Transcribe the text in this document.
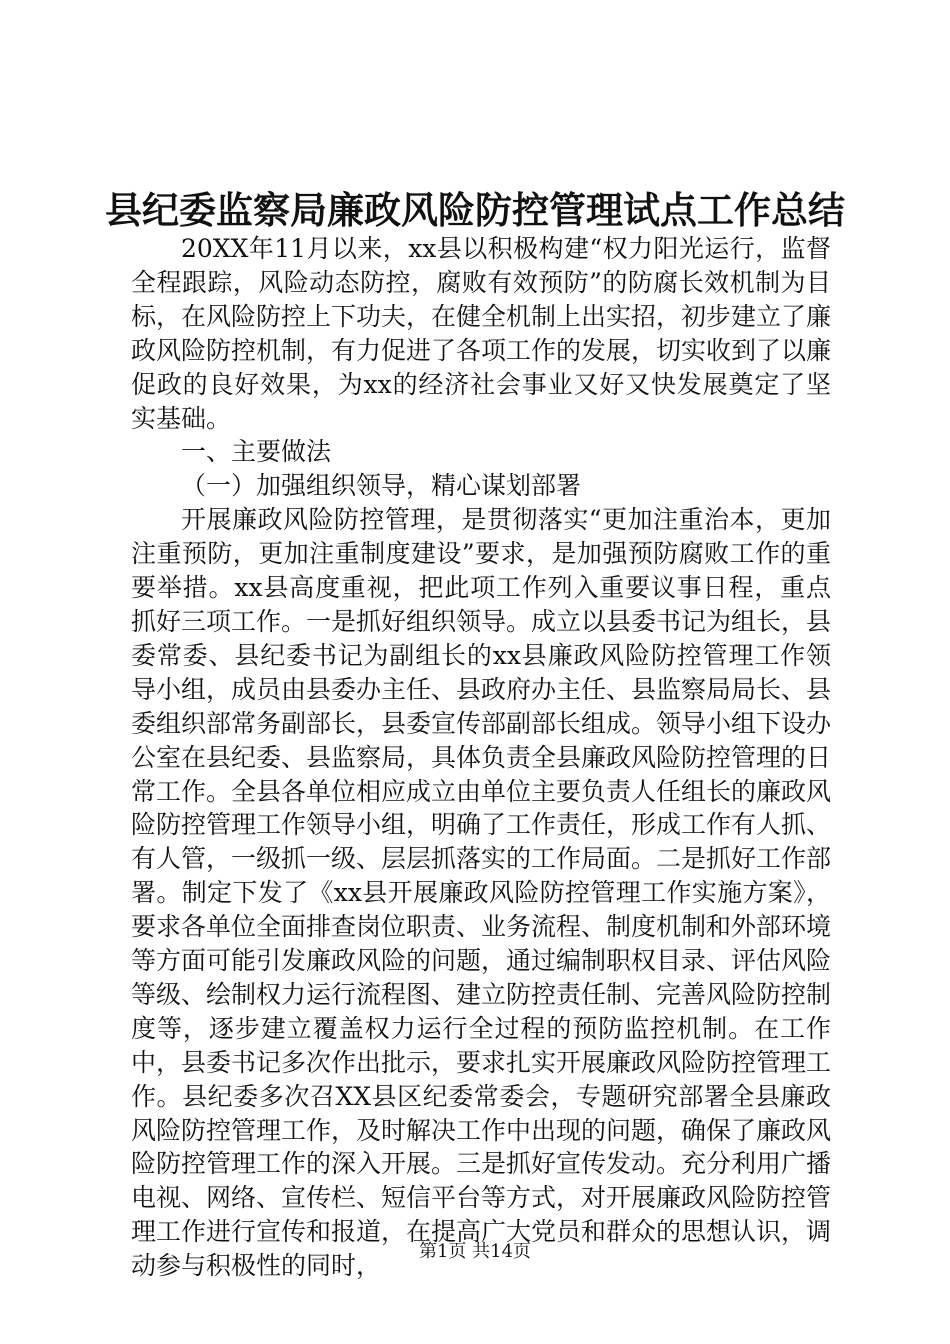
县纪委监察局廉政风险防控管理试点工作总结

20XX年11月以来，xx县以积极构建“权力阳光运行，监督全程跟踪，风险动态防控，腐败有效预防”的防腐长效机制为目标，在风险防控上下功夫，在健全机制上出实招，初步建立了廉政风险防控机制，有力促进了各项工作的发展，切实收到了以廉促政的良好效果，为xx的经济社会事业又好又快发展奠定了坚实基础。

一、主要做法

（一）加强组织领导，精心谋划部署

开展廉政风险防控管理，是贯彻落实“更加注重治本，更加注重预防，更加注重制度建设”要求，是加强预防腐败工作的重要举措。xx县高度重视，把此项工作列入重要议事日程，重点抓好三项工作。一是抓好组织领导。成立以县委书记为组长，县委常委、县纪委书记为副组长的xx县廉政风险防控管理工作领导小组，成员由县委办主任、县政府办主任、县监察局局长、县委组织部常务副部长，县委宣传部副部长组成。领导小组下设办公室在县纪委、县监察局，具体负责全县廉政风险防控管理的日常工作。全县各单位相应成立由单位主要负责人任组长的廉政风险防控管理工作领导小组，明确了工作责任，形成工作有人抓、有人管，一级抓一级、层层抓落实的工作局面。二是抓好工作部署。制定下发了《xx县开展廉政风险防控管理工作实施方案》，要求各单位全面排查岗位职责、业务流程、制度机制和外部环境等方面可能引发廉政风险的问题，通过编制职权目录、评估风险等级、绘制权力运行流程图、建立防控责任制、完善风险防控制度等，逐步建立覆盖权力运行全过程的预防监控机制。在工作中，县委书记多次作出批示，要求扎实开展廉政风险防控管理工作。县纪委多次召XX县区纪委常委会，专题研究部署全县廉政风险防控管理工作，及时解决工作中出现的问题，确保了廉政风险防控管理工作的深入开展。三是抓好宣传发动。充分利用广播电视、网络、宣传栏、短信平台等方式，对开展廉政风险防控管理工作进行宣传和报道，在提高广大党员和群众的思想认识，调动参与积极性的同时，	第1页 共14页
